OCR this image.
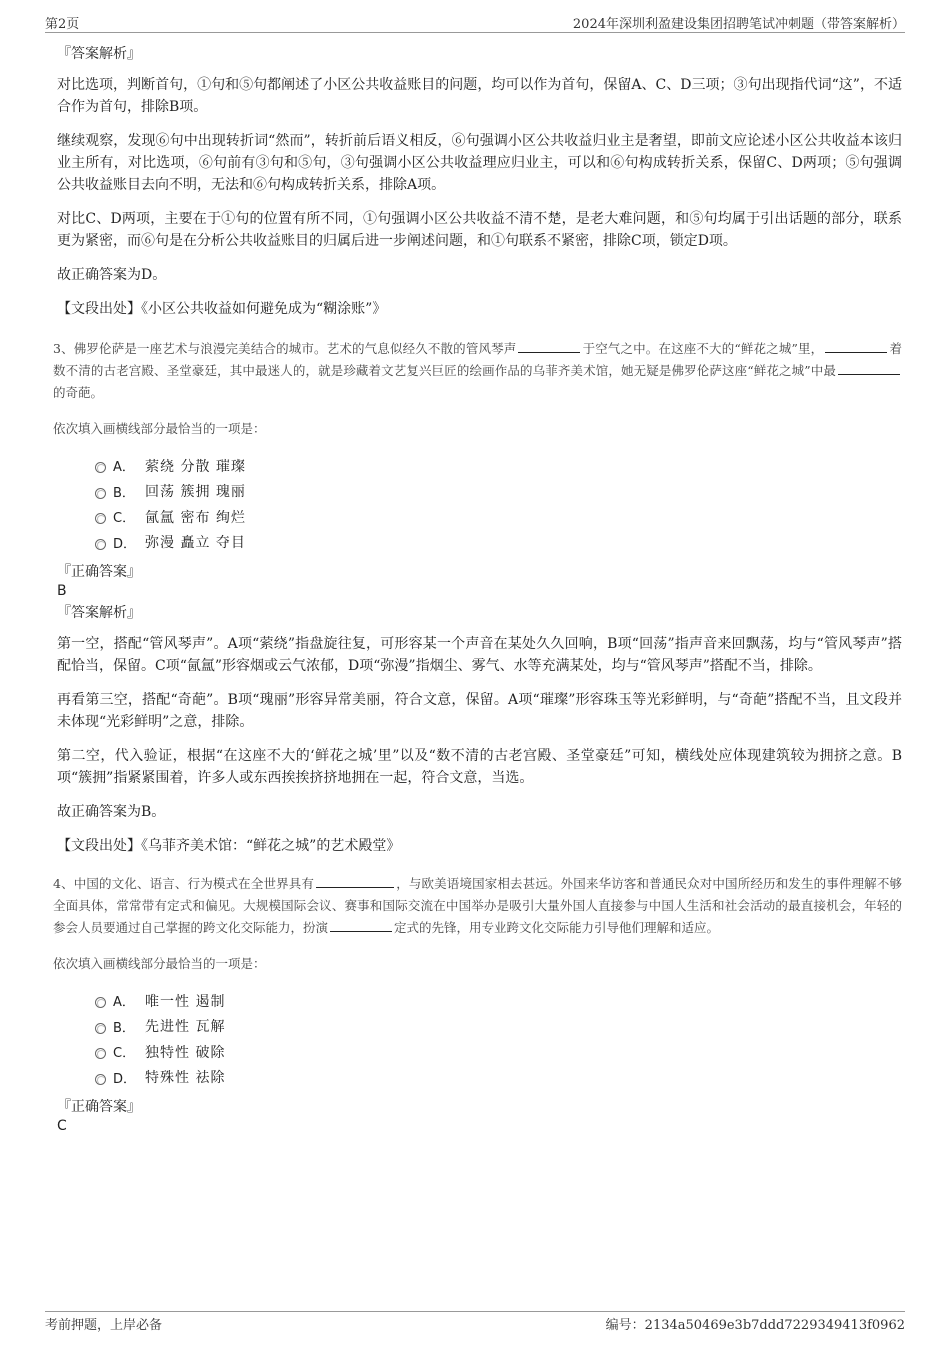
第2页	2024年深圳利盈建设集团招聘笔试冲刺题（带答案解析）
『答案解析』

对比选项，判断首句，①句和⑤句都阐述了小区公共收益账目的问题，均可以作为首句，保留A、C、D三项；③句出现指代词“这”，不适合作为首句，排除B项。

继续观察，发现⑥句中出现转折词“然而”，转折前后语义相反，⑥句强调小区公共收益归业主是奢望，即前文应论述小区公共收益本该归业主所有，对比选项，⑥句前有③句和⑤句，③句强调小区公共收益理应归业主，可以和⑥句构成转折关系，保留C、D两项；⑤句强调公共收益账目去向不明，无法和⑥句构成转折关系，排除A项。

对比C、D两项，主要在于①句的位置有所不同，①句强调小区公共收益不清不楚，是老大难问题，和⑤句均属于引出话题的部分，联系更为紧密，而⑥句是在分析公共收益账目的归属后进一步阐述问题，和①句联系不紧密，排除C项，锁定D项。

故正确答案为D。

【文段出处】《小区公共收益如何避免成为“糊涂账”》

3、佛罗伦萨是一座艺术与浪漫完美结合的城市。艺术的气息似经久不散的管风琴声	于空气之中。在这座不大的“鲜花之城”里，	着数不清的古老宫殿、圣堂豪廷，其中最迷人的，就是珍藏着文艺复兴巨匠的绘画作品的乌菲齐美术馆，她无疑是佛罗伦萨这座“鲜花之城”中最的奇葩。

依次填入画横线部分最恰当的一项是：

A． 萦绕 分散 璀璨
B． 回荡 簇拥 瑰丽
C． 氤氲 密布 绚烂
D． 弥漫 矗立 夺目
『正确答案』
B
『答案解析』

第一空，搭配“管风琴声”。A项“萦绕”指盘旋往复，可形容某一个声音在某处久久回响，B项“回荡”指声音来回飘荡，均与“管风琴声”搭配恰当，保留。C项“氤氲”形容烟或云气浓郁，D项“弥漫”指烟尘、雾气、水等充满某处，均与“管风琴声”搭配不当，排除。

再看第三空，搭配“奇葩”。B项“瑰丽”形容异常美丽，符合文意，保留。A项“璀璨”形容珠玉等光彩鲜明，与“奇葩”搭配不当，且文段并未体现“光彩鲜明”之意，排除。

第二空，代入验证，根据“在这座不大的‘鲜花之城’里”以及“数不清的古老宫殿、圣堂豪廷”可知，横线处应体现建筑较为拥挤之意。B项“簇拥”指紧紧围着，许多人或东西挨挨挤挤地拥在一起，符合文意，当选。

故正确答案为B。

【文段出处】《乌菲齐美术馆：“鲜花之城”的艺术殿堂》

4、中国的文化、语言、行为模式在全世界具有	，与欧美语境国家相去甚远。外国来华访客和普通民众对中国所经历和发生的事件理解不够全面具体，常常带有定式和偏见。大规模国际会议、赛事和国际交流在中国举办是吸引大量外国人直接参与中国人生活和社会活动的最直接机会，年轻的参会人员要通过自己掌握的跨文化交际能力，扮演	定式的先锋，用专业跨文化交际能力引导他们理解和适应。

依次填入画横线部分最恰当的一项是：

A． 唯一性 遏制
B． 先进性 瓦解
C． 独特性 破除
D． 特殊性 祛除
『正确答案』
C
考前押题，上岸必备	编号：2134a50469e3b7ddd7229349413f0962
